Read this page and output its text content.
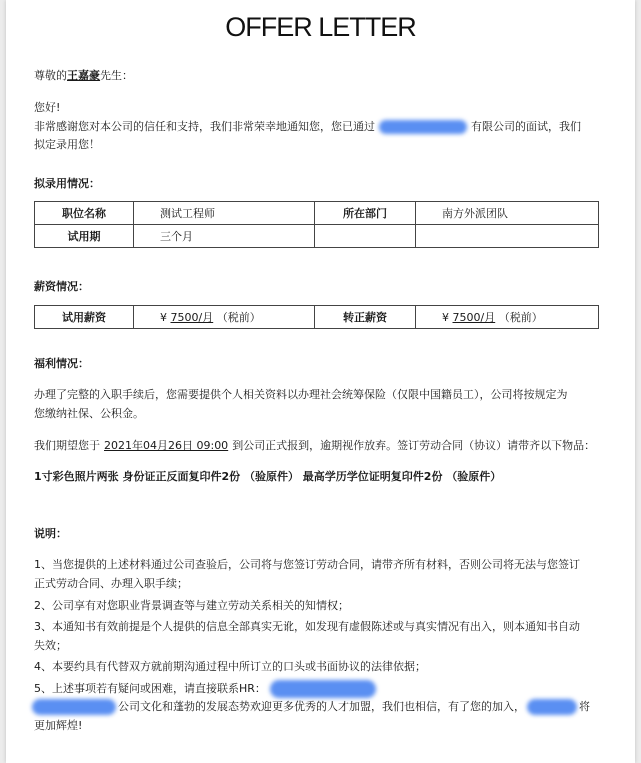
OFFER LETTER
尊敬的王嘉豪先生：
您好!
非常感谢您对本公司的信任和支持，我们非常荣幸地通知您，您已通过	有限公司的面试，我们
拟定录用您！
拟录用情况：
职位名称	测试工程师	所在部门	南方外派团队
试用期	三个月		
薪资情况：
试用薪资	¥ 7500/月 （税前）	转正薪资	¥ 7500/月 （税前）
福利情况：
办理了完整的入职手续后，您需要提供个人相关资料以办理社会统筹保险（仅限中国籍员工），公司将按规定为
您缴纳社保、公积金。
我们期望您于 2021年04月26日 09:00 到公司正式报到，逾期视作放弃。签订劳动合同（协议）请带齐以下物品：
1寸彩色照片两张 身份证正反面复印件2份 （验原件） 最高学历学位证明复印件2份 （验原件）
说明：
1、当您提供的上述材料通过公司查验后，公司将与您签订劳动合同，请带齐所有材料，否则公司将无法与您签订
正式劳动合同、办理入职手续；
2、公司享有对您职业背景调查等与建立劳动关系相关的知情权；
3、本通知书有效前提是个人提供的信息全部真实无讹，如发现有虚假陈述或与真实情况有出入，则本通知书自动
失效；
4、本要约具有代替双方就前期沟通过程中所订立的口头或书面协议的法律依据；
5、上述事项若有疑问或困难，请直接联系HR：
公司文化和蓬勃的发展态势欢迎更多优秀的人才加盟，我们也相信，有了您的加入，	将
更加辉煌!
